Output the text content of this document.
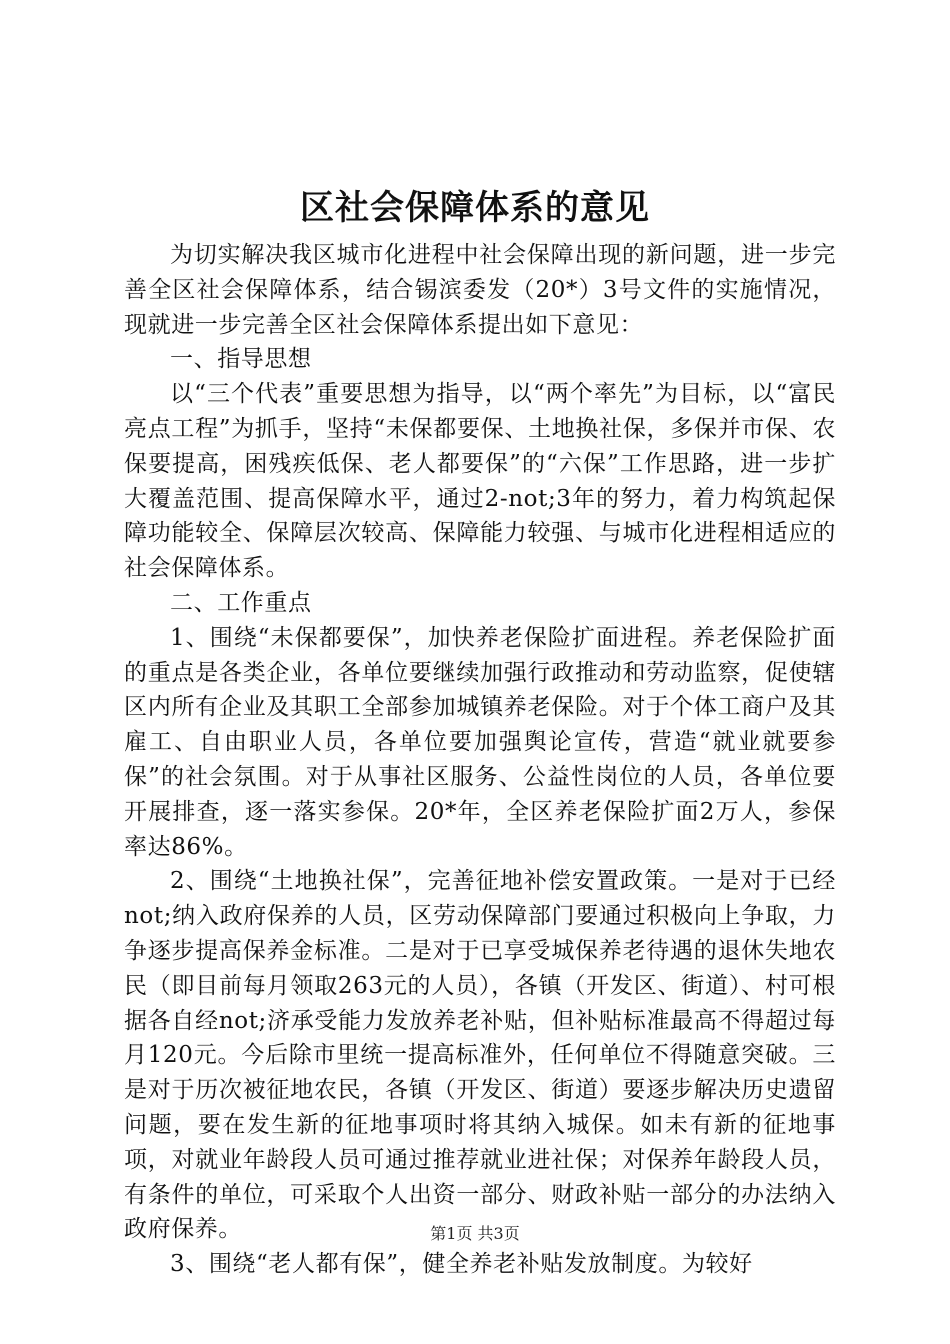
区社会保障体系的意见

为切实解决我区城市化进程中社会保障出现的新问题，进一步完善全区社会保障体系，结合锡滨委发（20*）3号文件的实施情况，现就进一步完善全区社会保障体系提出如下意见：

一、指导思想

以“三个代表”重要思想为指导，以“两个率先”为目标，以“富民亮点工程”为抓手，坚持“未保都要保、土地换社保，多保并市保、农保要提高，困残疾低保、老人都要保”的“六保”工作思路，进一步扩大覆盖范围、提高保障水平，通过2-not;3年的努力，着力构筑起保障功能较全、保障层次较高、保障能力较强、与城市化进程相适应的社会保障体系。

二、工作重点

1、围绕“未保都要保”，加快养老保险扩面进程。养老保险扩面的重点是各类企业，各单位要继续加强行政推动和劳动监察，促使辖区内所有企业及其职工全部参加城镇养老保险。对于个体工商户及其雇工、自由职业人员，各单位要加强舆论宣传，营造“就业就要参保”的社会氛围。对于从事社区服务、公益性岗位的人员，各单位要开展排查，逐一落实参保。20*年，全区养老保险扩面2万人，参保率达86%。

2、围绕“土地换社保”，完善征地补偿安置政策。一是对于已经not;纳入政府保养的人员，区劳动保障部门要通过积极向上争取，力争逐步提高保养金标准。二是对于已享受城保养老待遇的退休失地农民（即目前每月领取263元的人员），各镇（开发区、街道）、村可根据各自经not;济承受能力发放养老补贴，但补贴标准最高不得超过每月120元。今后除市里统一提高标准外，任何单位不得随意突破。三是对于历次被征地农民，各镇（开发区、街道）要逐步解决历史遗留问题，要在发生新的征地事项时将其纳入城保。如未有新的征地事项，对就业年龄段人员可通过推荐就业进社保；对保养年龄段人员，有条件的单位，可采取个人出资一部分、财政补贴一部分的办法纳入政府保养。

3、围绕“老人都有保”，健全养老补贴发放制度。为较好

第1页 共3页
